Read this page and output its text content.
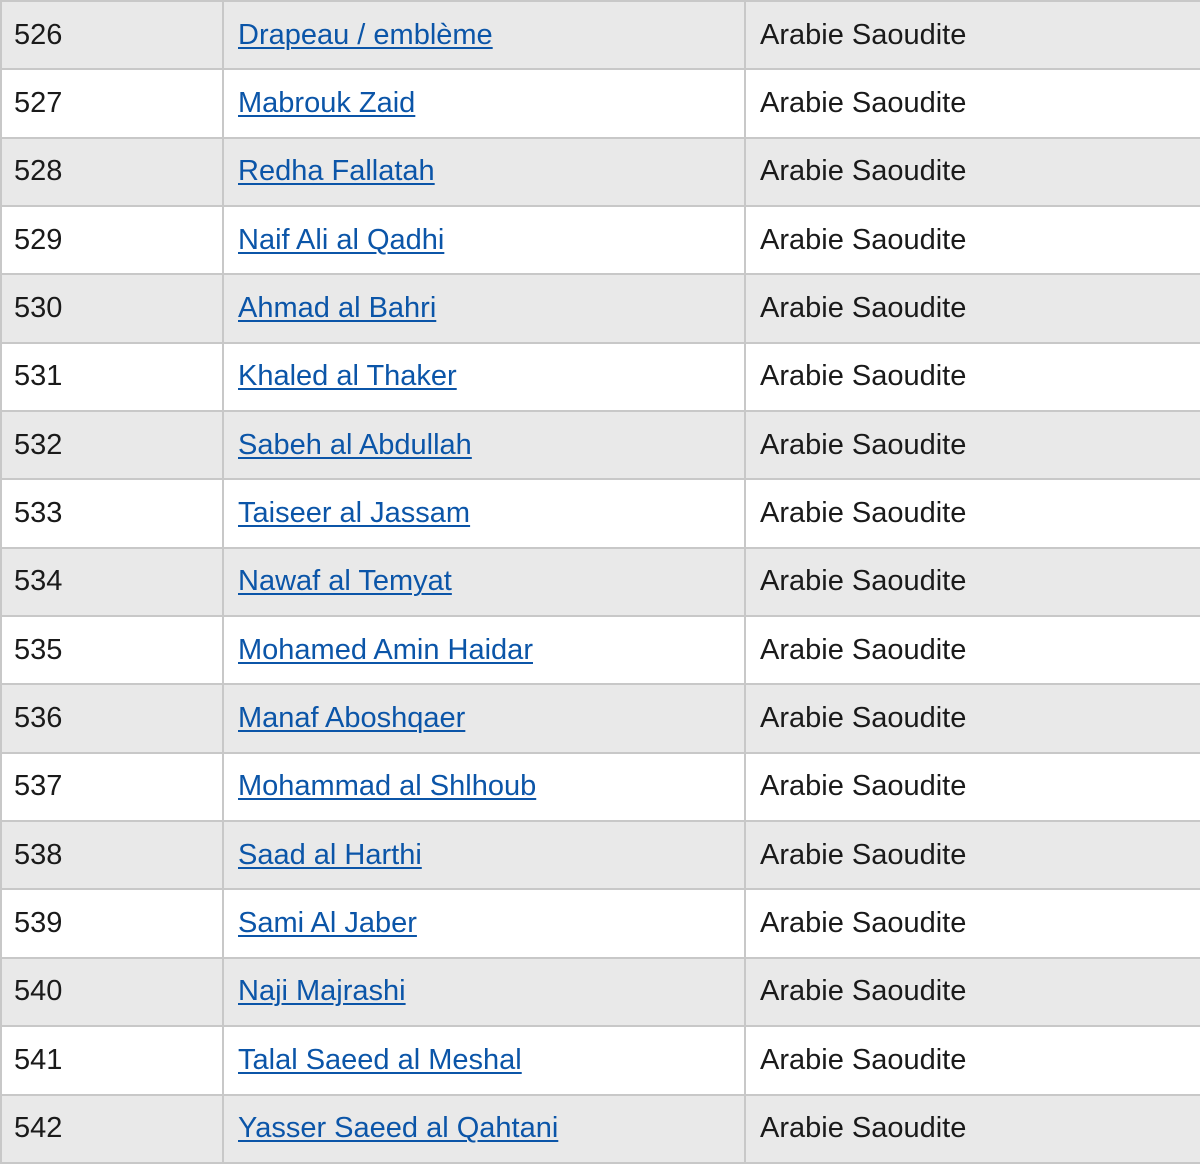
526	Drapeau / emblème	Arabie Saoudite
527	Mabrouk Zaid	Arabie Saoudite
528	Redha Fallatah	Arabie Saoudite
529	Naif Ali al Qadhi	Arabie Saoudite
530	Ahmad al Bahri	Arabie Saoudite
531	Khaled al Thaker	Arabie Saoudite
532	Sabeh al Abdullah	Arabie Saoudite
533	Taiseer al Jassam	Arabie Saoudite
534	Nawaf al Temyat	Arabie Saoudite
535	Mohamed Amin Haidar	Arabie Saoudite
536	Manaf Aboshqaer	Arabie Saoudite
537	Mohammad al Shlhoub	Arabie Saoudite
538	Saad al Harthi	Arabie Saoudite
539	Sami Al Jaber	Arabie Saoudite
540	Naji Majrashi	Arabie Saoudite
541	Talal Saeed al Meshal	Arabie Saoudite
542	Yasser Saeed al Qahtani	Arabie Saoudite
